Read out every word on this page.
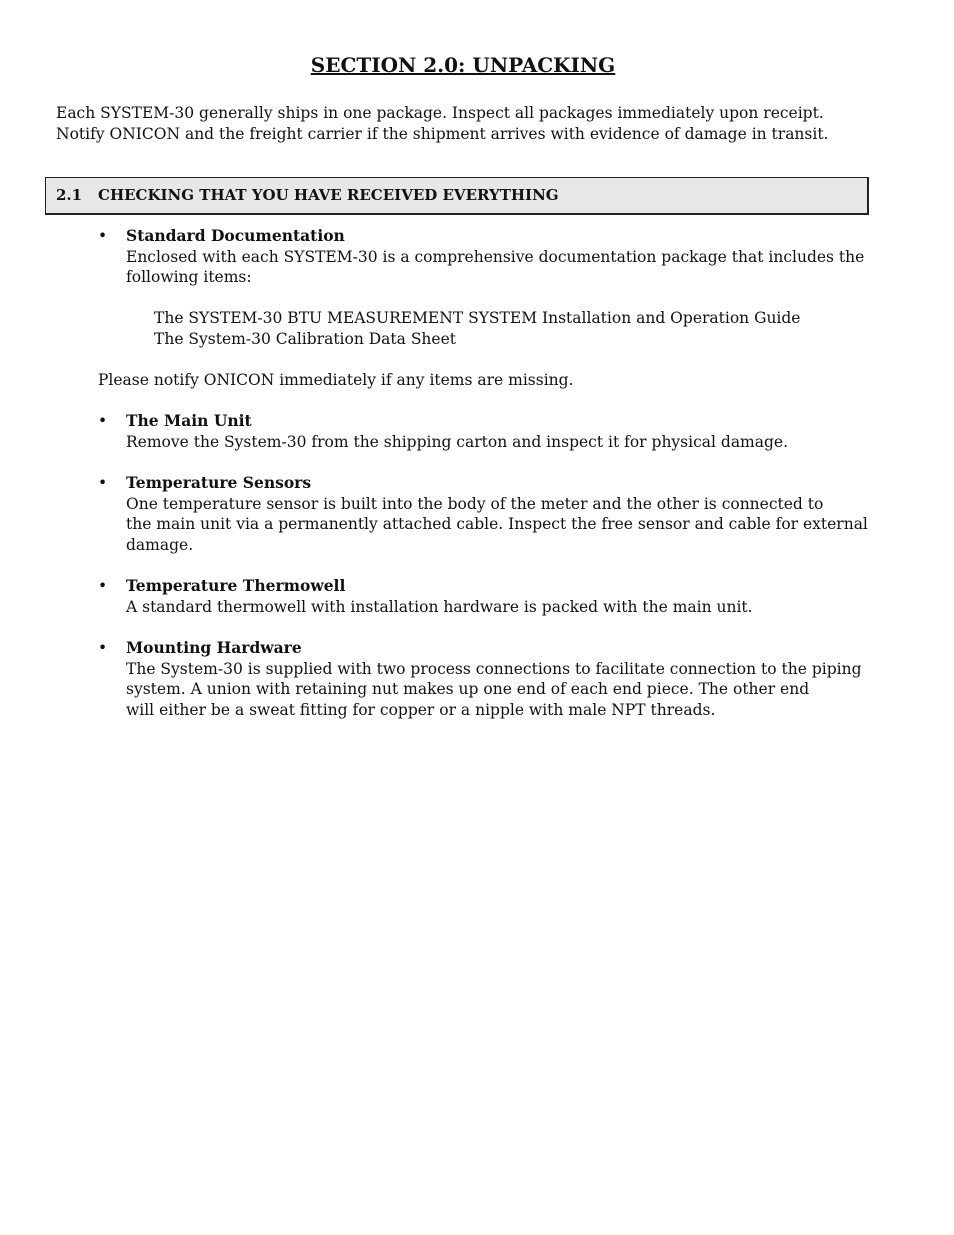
SECTION 2.0: UNPACKING
Each SYSTEM-30 generally ships in one package. Inspect all packages immediately upon receipt.
Notify ONICON and the freight carrier if the shipment arrives with evidence of damage in transit.
2.1 CHECKING THAT YOU HAVE RECEIVED EVERYTHING
• Standard Documentation
Enclosed with each SYSTEM-30 is a comprehensive documentation package that includes the
following items:
The SYSTEM-30 BTU MEASUREMENT SYSTEM Installation and Operation Guide
The System-30 Calibration Data Sheet
Please notify ONICON immediately if any items are missing.
• The Main Unit
Remove the System-30 from the shipping carton and inspect it for physical damage.
• Temperature Sensors
One temperature sensor is built into the body of the meter and the other is connected to
the main unit via a permanently attached cable. Inspect the free sensor and cable for external
damage.
• Temperature Thermowell
A standard thermowell with installation hardware is packed with the main unit.
• Mounting Hardware
The System-30 is supplied with two process connections to facilitate connection to the piping
system. A union with retaining nut makes up one end of each end piece. The other end
will either be a sweat fitting for copper or a nipple with male NPT threads.
